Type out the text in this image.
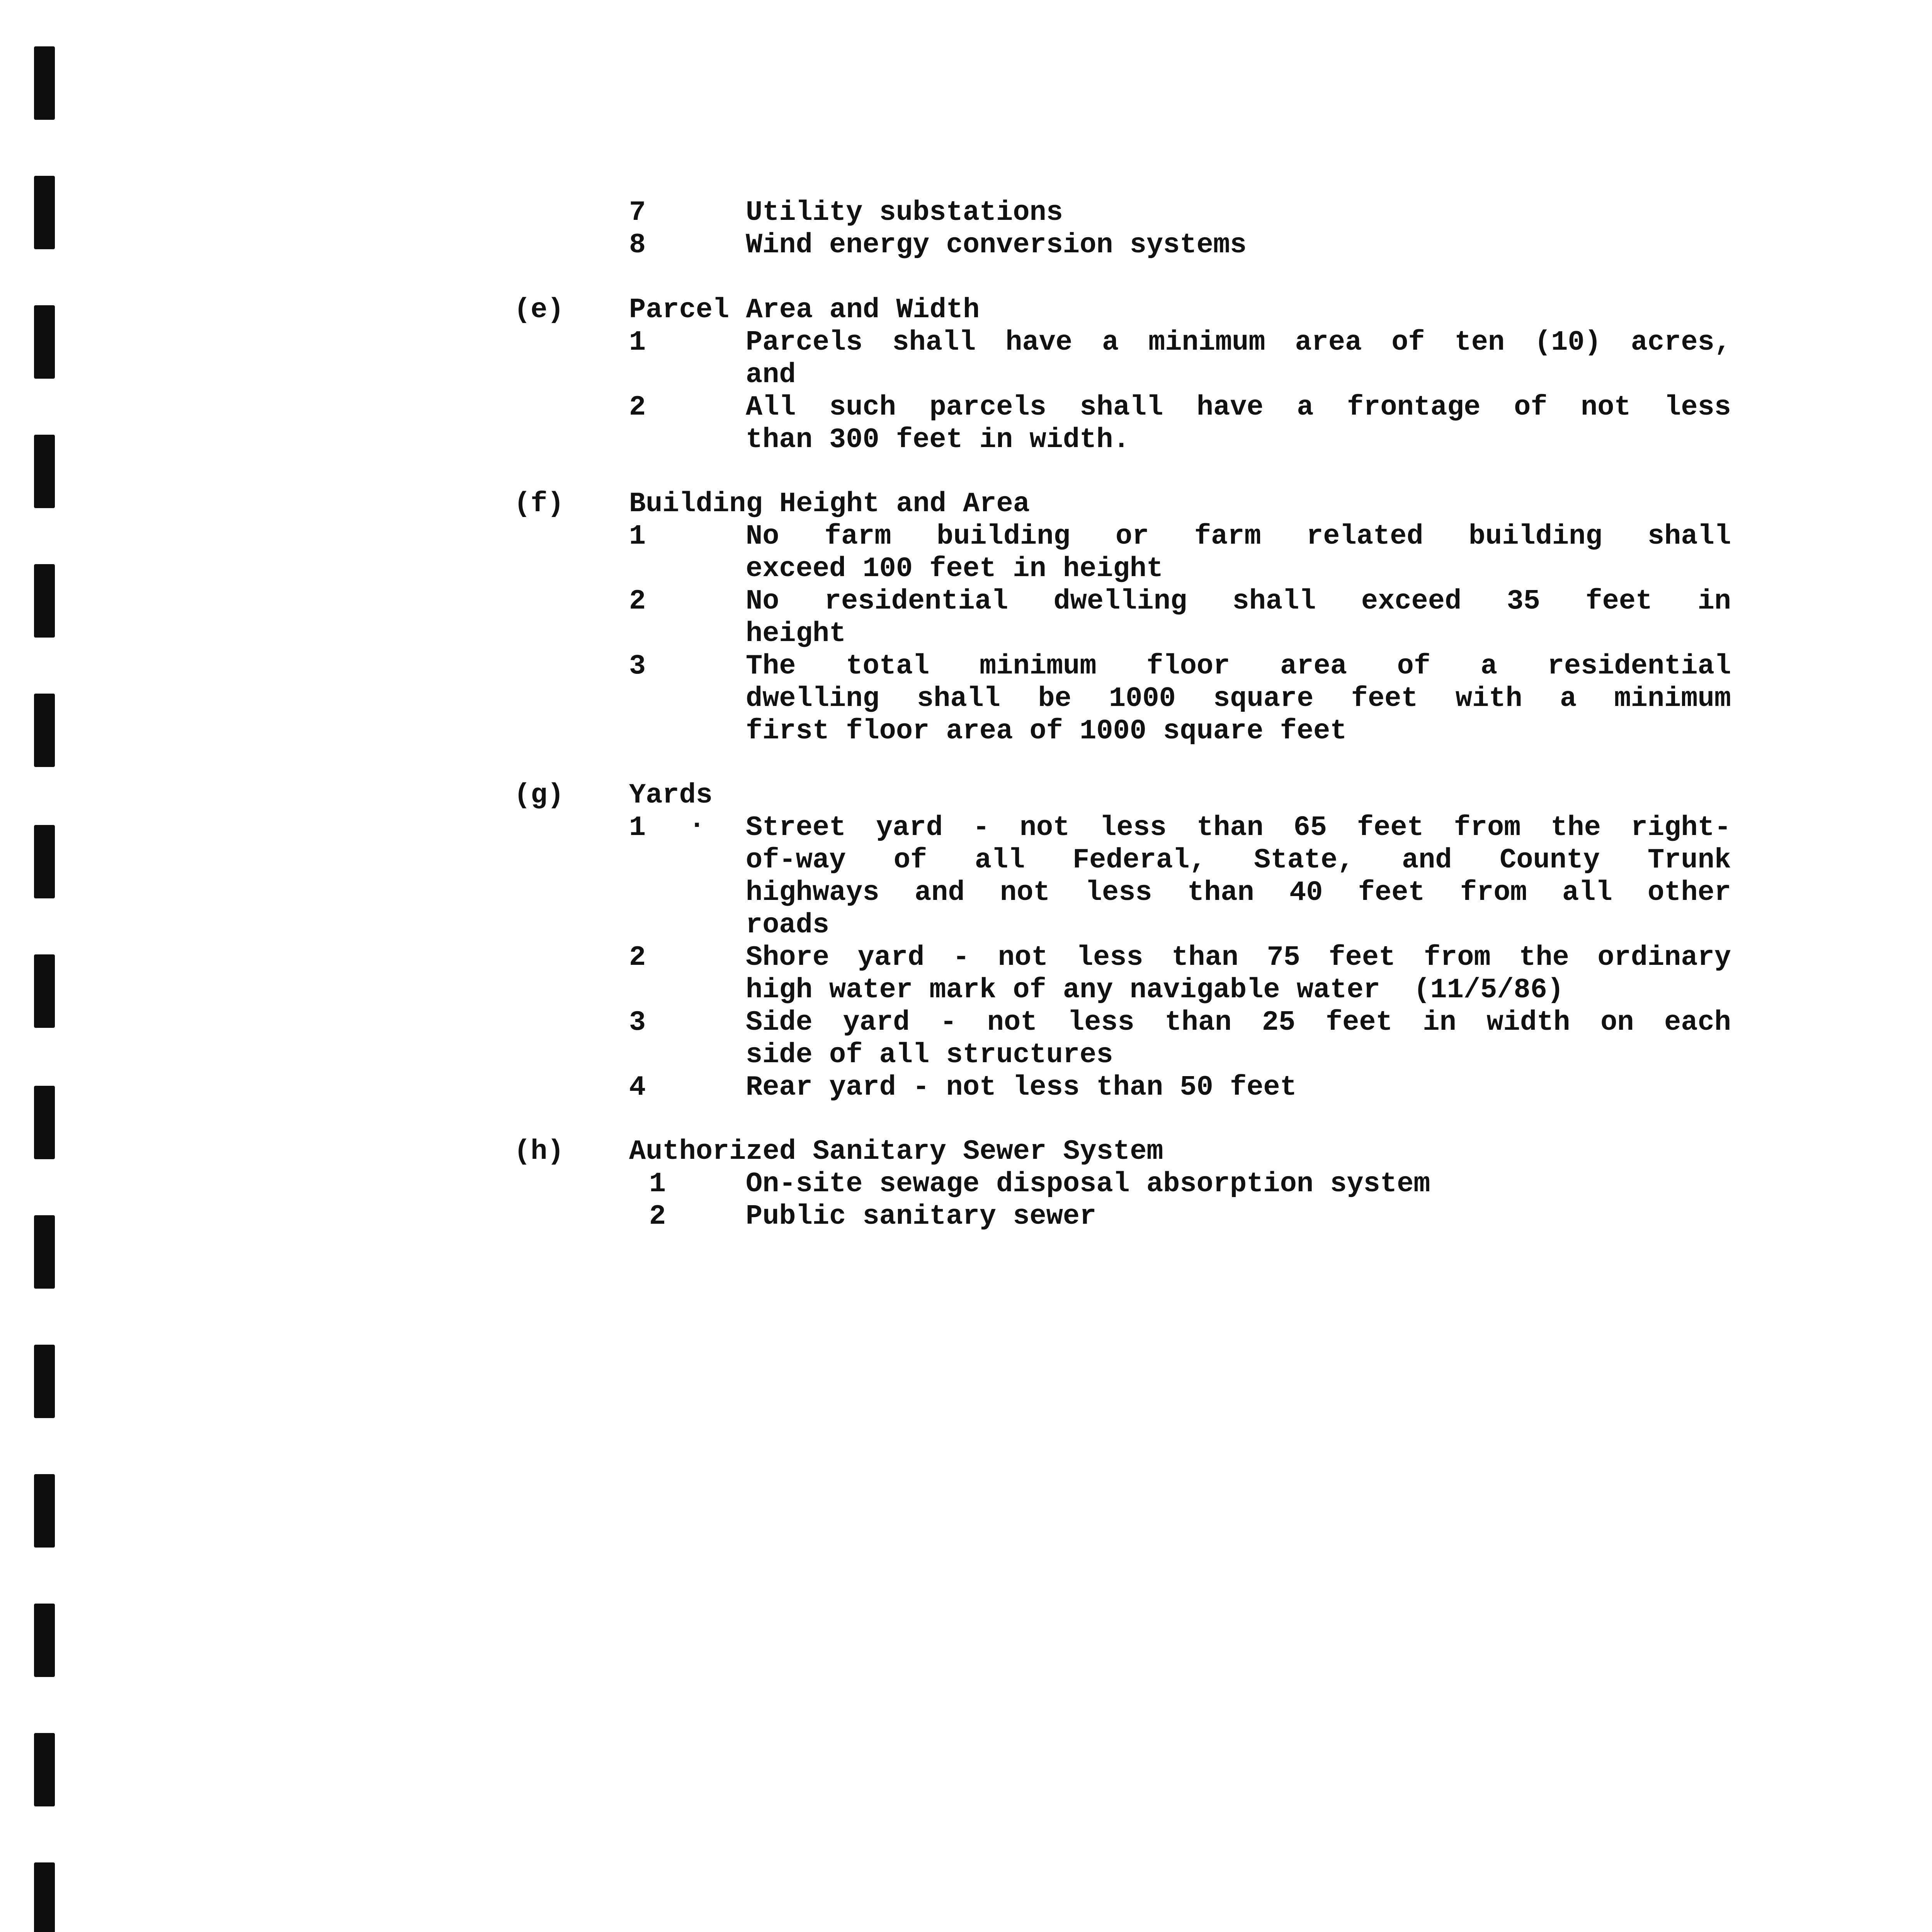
7	Utility substations
8	Wind energy conversion systems
(e) Parcel Area and Width
1	Parcels shall have a minimum area of ten (10) acres,
and
2	All such parcels shall have a frontage of not less
than 300 feet in width.
(f) Building Height and Area
1	No farm building or farm related building shall
exceed 100 feet in height
2	No residential dwelling shall exceed 35 feet in
height
3	The total minimum floor area of a residential
dwelling shall be 1000 square feet with a minimum
first floor area of 1000 square feet
(g) Yards
1 · Street yard - not less than 65 feet from the right-
of-way of all Federal, State, and County Trunk
highways and not less than 40 feet from all other
roads
2	Shore yard - not less than 75 feet from the ordinary
high water mark of any navigable water  (11/5/86)
3	Side yard - not less than 25 feet in width on each
side of all structures
4	Rear yard - not less than 50 feet
(h) Authorized Sanitary Sewer System
1	On-site sewage disposal absorption system
2	Public sanitary sewer
